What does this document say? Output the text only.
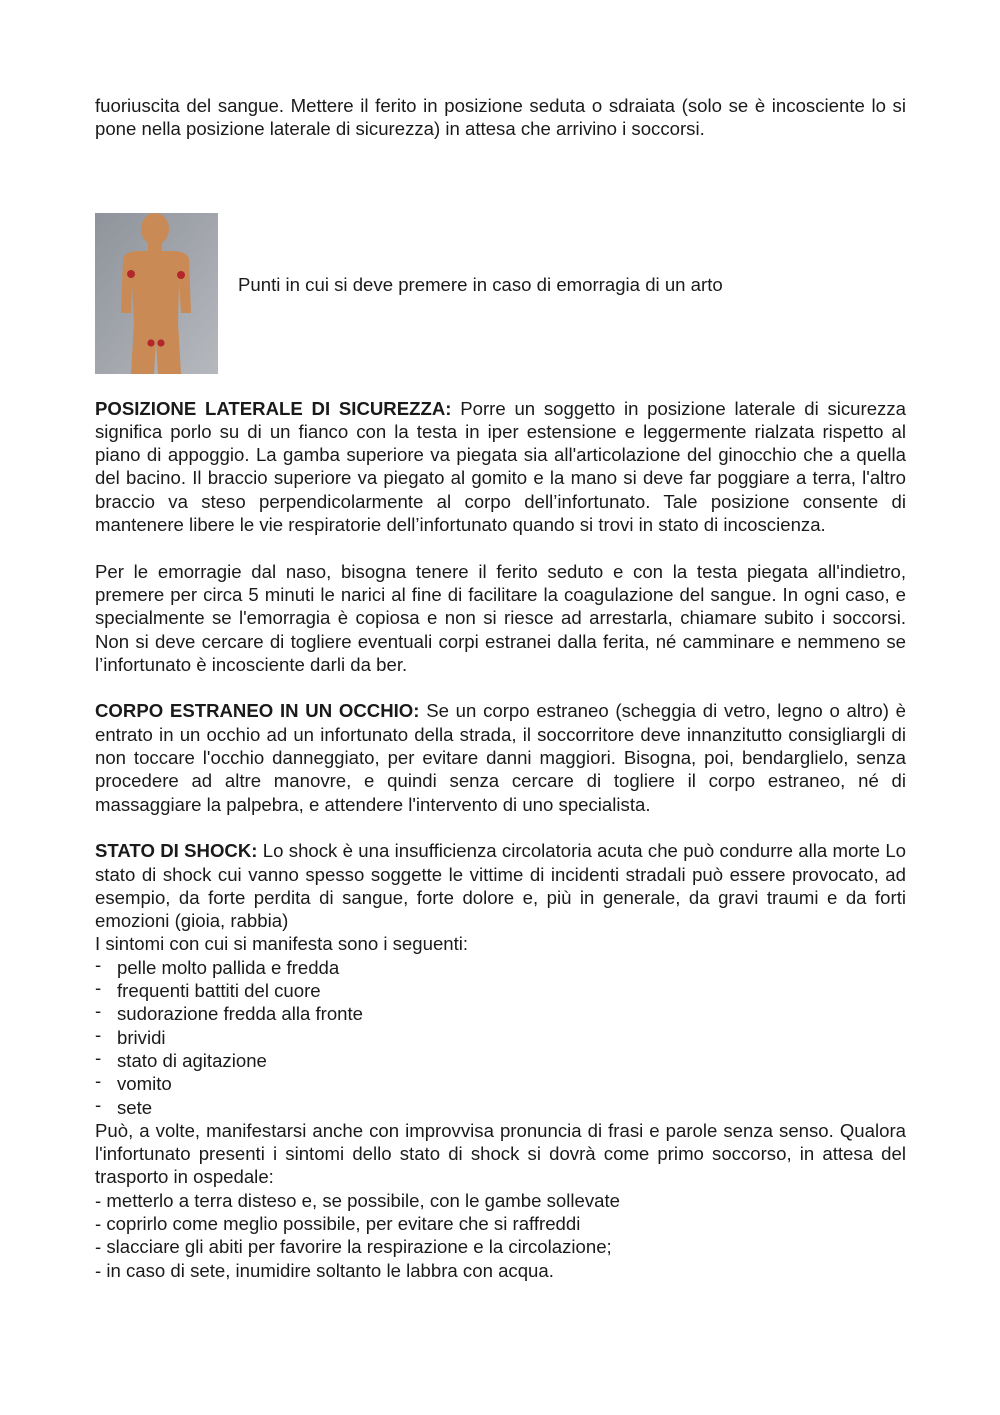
fuoriuscita del sangue. Mettere il ferito in posizione seduta o sdraiata (solo se è incosciente lo si pone nella posizione laterale di sicurezza) in attesa che arrivino i soccorsi.

Punti in cui si deve premere in caso di emorragia di un arto

POSIZIONE LATERALE DI SICUREZZA: Porre un soggetto in posizione laterale di sicurezza significa porlo su di un fianco con la testa in iper estensione e leggermente rialzata rispetto al piano di appoggio. La gamba superiore va piegata sia all'articolazione del ginocchio che a quella del bacino. Il braccio superiore va piegato al gomito e la mano si deve far poggiare a terra, l'altro braccio va steso perpendicolarmente al corpo dell’infortunato. Tale posizione consente di mantenere libere le vie respiratorie dell’infortunato quando si trovi in stato di incoscienza.

Per le emorragie dal naso, bisogna tenere il ferito seduto e con la testa piegata all'indietro, premere per circa 5 minuti le narici al fine di facilitare la coagulazione del sangue. In ogni caso, e specialmente se l'emorragia è copiosa e non si riesce ad arrestarla, chiamare subito i soccorsi. Non si deve cercare di togliere eventuali corpi estranei dalla ferita, né camminare e nemmeno se l’infortunato è incosciente darli da ber.

CORPO ESTRANEO IN UN OCCHIO: Se un corpo estraneo (scheggia di vetro, legno o altro) è entrato in un occhio ad un infortunato della strada, il soccorritore deve innanzitutto consigliargli di non toccare l'occhio danneggiato, per evitare danni maggiori. Bisogna, poi, bendarglielo, senza procedere ad altre manovre, e quindi senza cercare di togliere il corpo estraneo, né di massaggiare la palpebra, e attendere l'intervento di uno specialista.

STATO DI SHOCK: Lo shock è una insufficienza circolatoria acuta che può condurre alla morte Lo stato di shock cui vanno spesso soggette le vittime di incidenti stradali può essere provocato, ad esempio, da forte perdita di sangue, forte dolore e, più in generale, da gravi traumi e da forti emozioni (gioia, rabbia)

I sintomi con cui si manifesta sono i seguenti:

- pelle molto pallida e fredda
- frequenti battiti del cuore
- sudorazione fredda alla fronte
- brividi
- stato di agitazione
- vomito
- sete

Può, a volte, manifestarsi anche con improvvisa pronuncia di frasi e parole senza senso. Qualora l'infortunato presenti i sintomi dello stato di shock si dovrà come primo soccorso, in attesa del trasporto in ospedale:

- metterlo a terra disteso e, se possibile, con le gambe sollevate
- coprirlo come meglio possibile, per evitare che si raffreddi
- slacciare gli abiti per favorire la respirazione e la circolazione;
- in caso di sete, inumidire soltanto le labbra con acqua.
